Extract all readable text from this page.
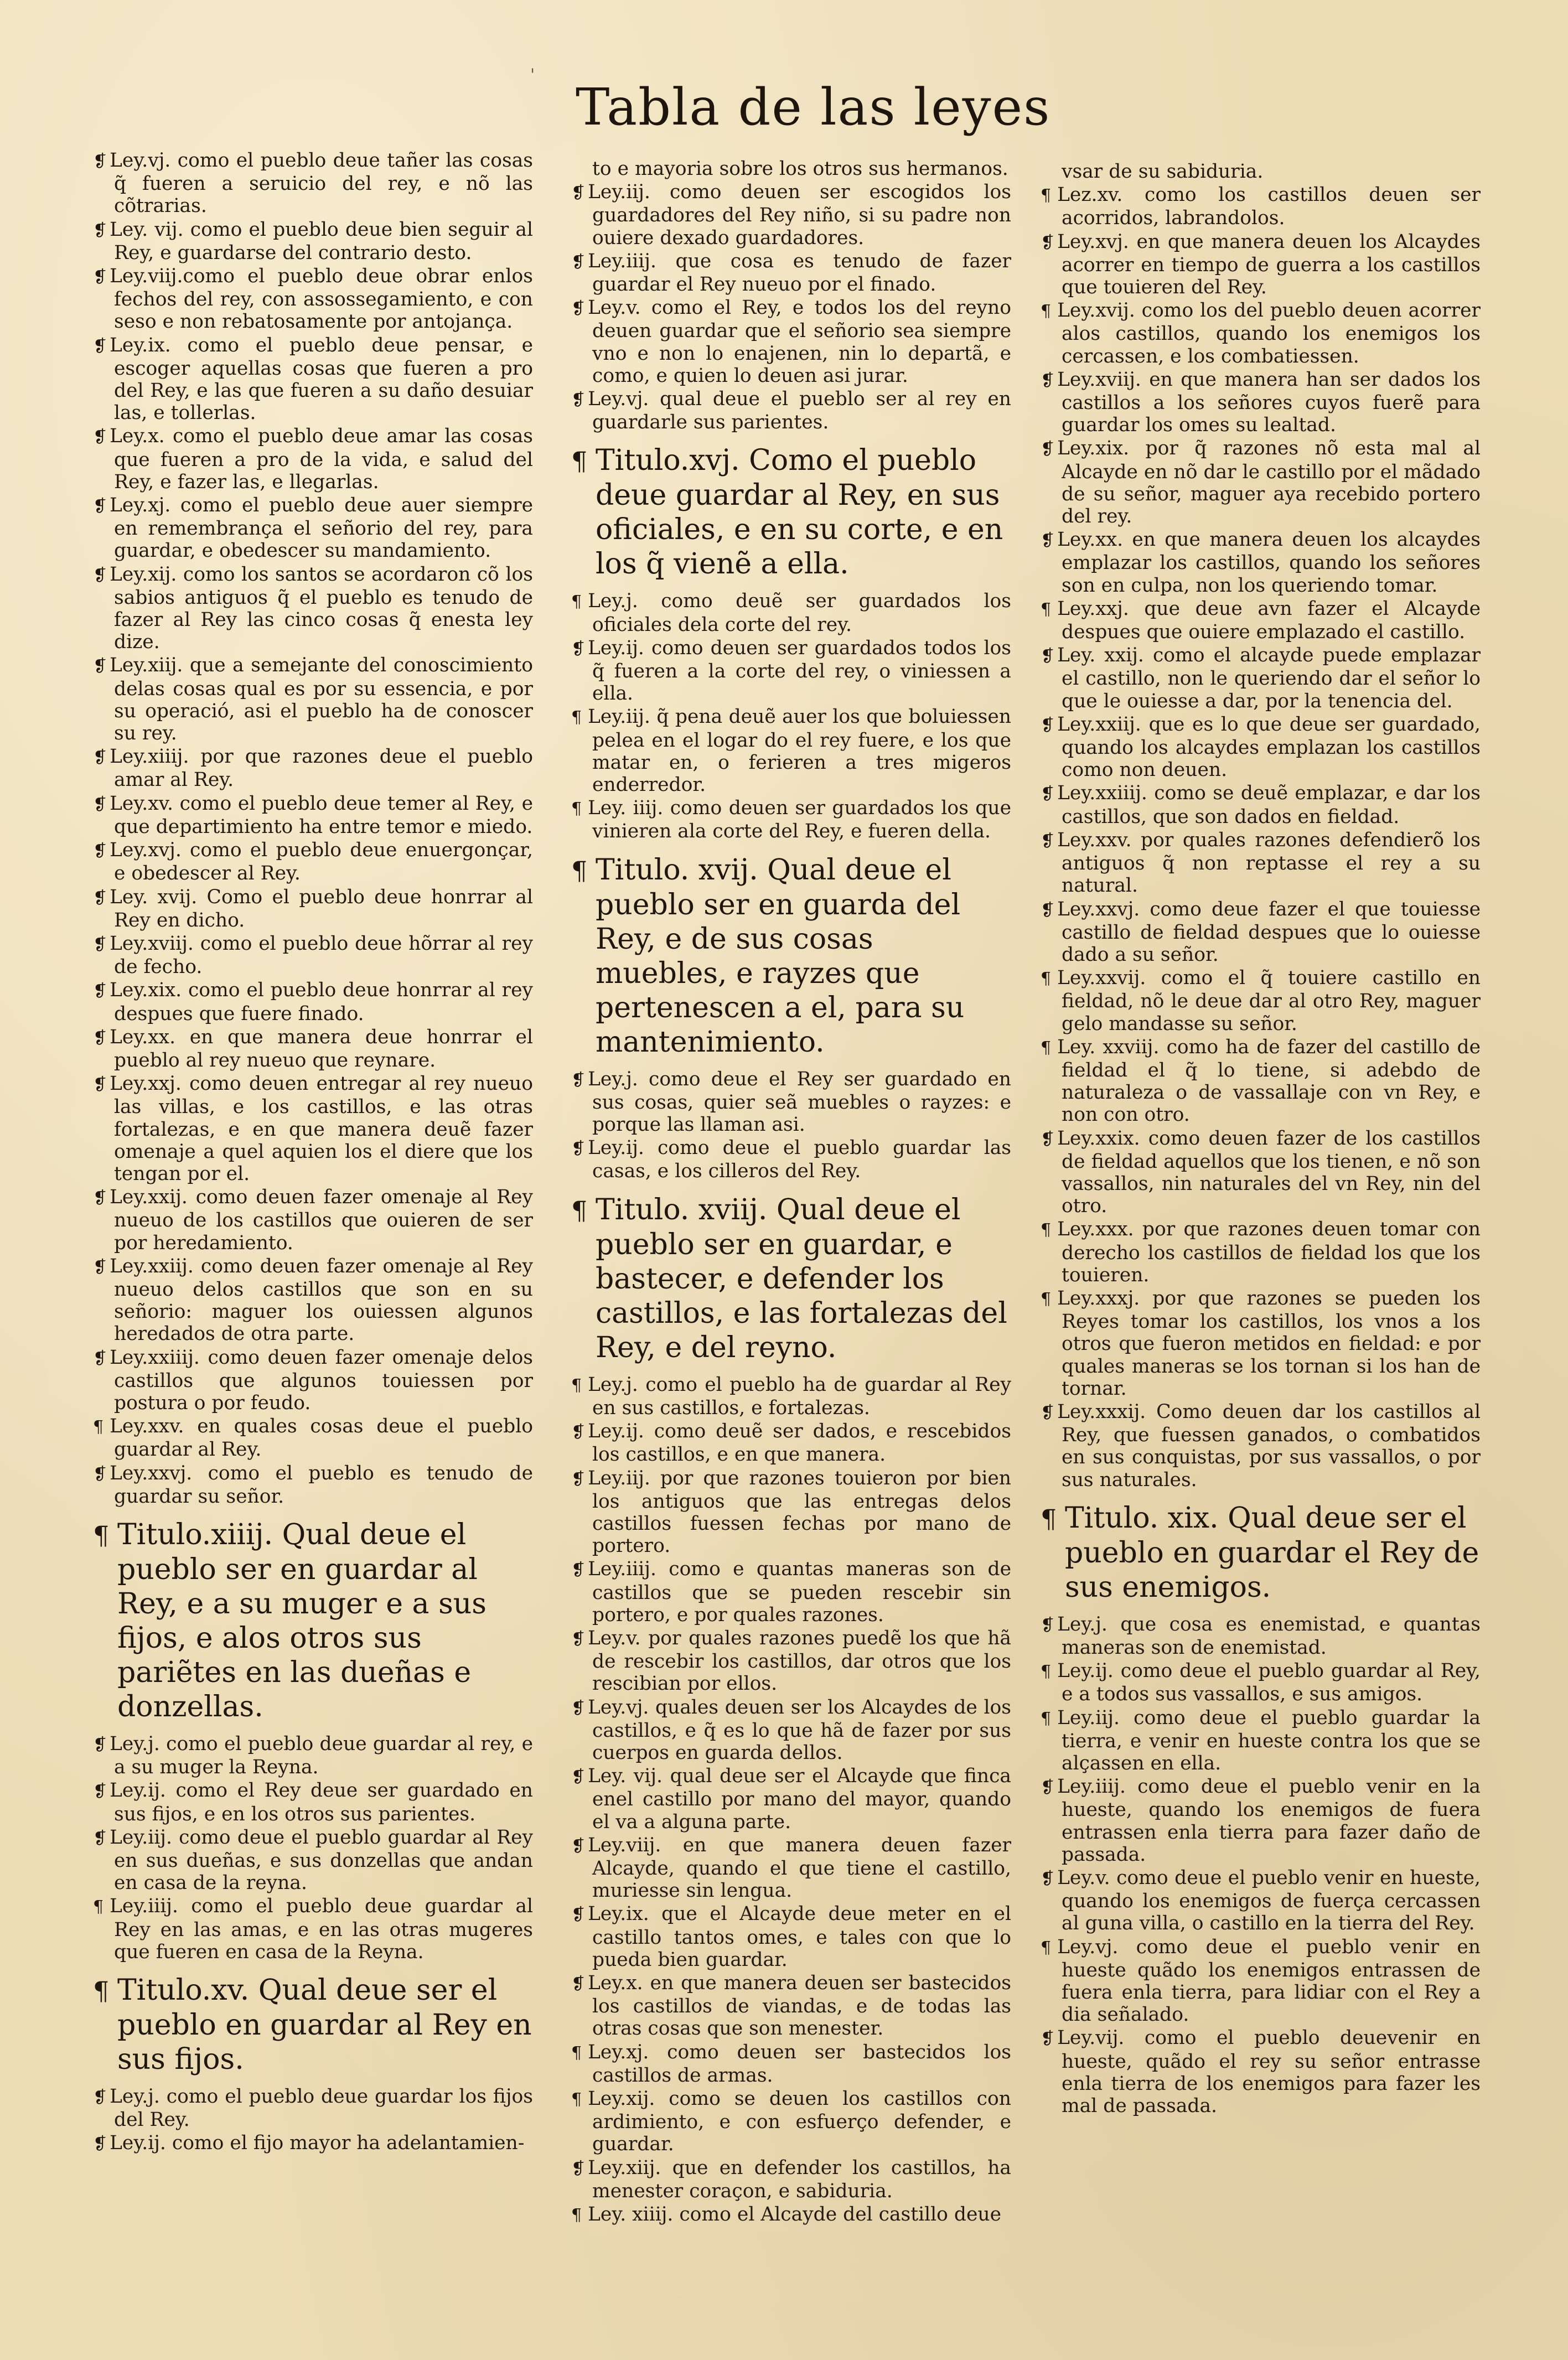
'
Tabla de las leyes

❡ Ley.vj. como el pueblo deue tañer las cosas q̃ fueren a seruicio del rey, e nõ las cõtrarias.

❡ Ley. vij. como el pueblo deue bien seguir al Rey, e guardarse del contrario desto.

❡ Ley.viij.como el pueblo deue obrar enlos fechos del rey, con assossegamiento, e con seso e non rebatosamente por antojança.

❡ Ley.ix. como el pueblo deue pensar, e escoger aquellas cosas que fueren a pro del Rey, e las que fueren a su daño desuiar las, e tollerlas.

❡ Ley.x. como el pueblo deue amar las cosas que fueren a pro de la vida, e salud del Rey, e fazer las, e llegarlas.

❡ Ley.xj. como el pueblo deue auer siempre en remembrança el señorio del rey, para guardar, e obedescer su mandamiento.

❡ Ley.xij. como los santos se acordaron cõ los sabios antiguos q̃ el pueblo es tenudo de fazer al Rey las cinco cosas q̃ enesta ley dize.

❡ Ley.xiij. que a semejante del conoscimiento delas cosas qual es por su essencia, e por su operació, asi el pueblo ha de conoscer su rey.

❡ Ley.xiiij. por que razones deue el pueblo amar al Rey.

❡ Ley.xv. como el pueblo deue temer al Rey, e que departimiento ha entre temor e miedo.

❡ Ley.xvj. como el pueblo deue enuergonçar, e obedescer al Rey.

❡ Ley. xvij. Como el pueblo deue honrrar al Rey en dicho.

❡ Ley.xviij. como el pueblo deue hõrrar al rey de fecho.

❡ Ley.xix. como el pueblo deue honrrar al rey despues que fuere finado.

❡ Ley.xx. en que manera deue honrrar el pueblo al rey nueuo que reynare.

❡ Ley.xxj. como deuen entregar al rey nueuo las villas, e los castillos, e las otras fortalezas, e en que manera deuẽ fazer omenaje a quel aquien los el diere que los tengan por el.

❡ Ley.xxij. como deuen fazer omenaje al Rey nueuo de los castillos que ouieren de ser por heredamiento.

❡ Ley.xxiij. como deuen fazer omenaje al Rey nueuo delos castillos que son en su señorio: maguer los ouiessen algunos heredados de otra parte.

❡ Ley.xxiiij. como deuen fazer omenaje delos castillos que algunos touiessen por postura o por feudo.

¶ Ley.xxv. en quales cosas deue el pueblo guardar al Rey.

❡ Ley.xxvj. como el pueblo es tenudo de guardar su señor.

¶ Titulo.xiiij. Qual deue el pueblo ser en guardar al Rey, e a su muger e a sus fijos, e alos otros sus pariẽtes en las dueñas e donzellas.

❡ Ley.j. como el pueblo deue guardar al rey, e a su muger la Reyna.

❡ Ley.ij. como el Rey deue ser guardado en sus fijos, e en los otros sus parientes.

❡ Ley.iij. como deue el pueblo guardar al Rey en sus dueñas, e sus donzellas que andan en casa de la reyna.

¶ Ley.iiij. como el pueblo deue guardar al Rey en las amas, e en las otras mugeres que fueren en casa de la Reyna.

¶ Titulo.xv. Qual deue ser el pueblo en guardar al Rey en sus fijos.

❡ Ley.j. como el pueblo deue guardar los fijos del Rey.

❡ Ley.ij. como el fijo mayor ha adelantamien-

to e mayoria sobre los otros sus hermanos.

❡ Ley.iij. como deuen ser escogidos los guardadores del Rey niño, si su padre non ouiere dexado guardadores.

❡ Ley.iiij. que cosa es tenudo de fazer guardar el Rey nueuo por el finado.

❡ Ley.v. como el Rey, e todos los del reyno deuen guardar que el señorio sea siempre vno e non lo enajenen, nin lo departã, e como, e quien lo deuen asi jurar.

❡ Ley.vj. qual deue el pueblo ser al rey en guardarle sus parientes.

¶ Titulo.xvj. Como el pueblo deue guardar al Rey, en sus oficiales, e en su corte, e en los q̃ vienẽ a ella.

¶ Ley.j. como deuẽ ser guardados los oficiales dela corte del rey.

❡ Ley.ij. como deuen ser guardados todos los q̃ fueren a la corte del rey, o viniessen a ella.

¶ Ley.iij. q̃ pena deuẽ auer los que boluiessen pelea en el logar do el rey fuere, e los que matar en, o ferieren a tres migeros enderredor.

¶ Ley. iiij. como deuen ser guardados los que vinieren ala corte del Rey, e fueren della.

¶ Titulo. xvij. Qual deue el pueblo ser en guarda del Rey, e de sus cosas muebles, e rayzes que pertenescen a el, para su mantenimiento.

❡ Ley.j. como deue el Rey ser guardado en sus cosas, quier seã muebles o rayzes: e porque las llaman asi.

❡ Ley.ij. como deue el pueblo guardar las casas, e los cilleros del Rey.

¶ Titulo. xviij. Qual deue el pueblo ser en guardar, e bastecer, e defender los castillos, e las fortalezas del Rey, e del reyno.

¶ Ley.j. como el pueblo ha de guardar al Rey en sus castillos, e fortalezas.

❡ Ley.ij. como deuẽ ser dados, e rescebidos los castillos, e en que manera.

❡ Ley.iij. por que razones touieron por bien los antiguos que las entregas delos castillos fuessen fechas por mano de portero.

❡ Ley.iiij. como e quantas maneras son de castillos que se pueden rescebir sin portero, e por quales razones.

❡ Ley.v. por quales razones puedẽ los que hã de rescebir los castillos, dar otros que los rescibian por ellos.

❡ Ley.vj. quales deuen ser los Alcaydes de los castillos, e q̃ es lo que hã de fazer por sus cuerpos en guarda dellos.

❡ Ley. vij. qual deue ser el Alcayde que finca enel castillo por mano del mayor, quando el va a alguna parte.

❡ Ley.viij. en que manera deuen fazer Alcayde, quando el que tiene el castillo, muriesse sin lengua.

❡ Ley.ix. que el Alcayde deue meter en el castillo tantos omes, e tales con que lo pueda bien guardar.

❡ Ley.x. en que manera deuen ser bastecidos los castillos de viandas, e de todas las otras cosas que son menester.

¶ Ley.xj. como deuen ser bastecidos los castillos de armas.

¶ Ley.xij. como se deuen los castillos con ardimiento, e con esfuerço defender, e guardar.

❡ Ley.xiij. que en defender los castillos, ha menester coraçon, e sabiduria.

¶ Ley. xiiij. como el Alcayde del castillo deue

vsar de su sabiduria.

¶ Lez.xv. como los castillos deuen ser acorridos, labrandolos.

❡ Ley.xvj. en que manera deuen los Alcaydes acorrer en tiempo de guerra a los castillos que touieren del Rey.

¶ Ley.xvij. como los del pueblo deuen acorrer alos castillos, quando los enemigos los cercassen, e los combatiessen.

❡ Ley.xviij. en que manera han ser dados los castillos a los señores cuyos fuerẽ para guardar los omes su lealtad.

❡ Ley.xix. por q̃ razones nõ esta mal al Alcayde en nõ dar le castillo por el mãdado de su señor, maguer aya recebido portero del rey.

❡ Ley.xx. en que manera deuen los alcaydes emplazar los castillos, quando los señores son en culpa, non los queriendo tomar.

¶ Ley.xxj. que deue avn fazer el Alcayde despues que ouiere emplazado el castillo.

❡ Ley. xxij. como el alcayde puede emplazar el castillo, non le queriendo dar el señor lo que le ouiesse a dar, por la tenencia del.

❡ Ley.xxiij. que es lo que deue ser guardado, quando los alcaydes emplazan los castillos como non deuen.

❡ Ley.xxiiij. como se deuẽ emplazar, e dar los castillos, que son dados en fieldad.

❡ Ley.xxv. por quales razones defendierõ los antiguos q̃ non reptasse el rey a su natural.

❡ Ley.xxvj. como deue fazer el que touiesse castillo de fieldad despues que lo ouiesse dado a su señor.

¶ Ley.xxvij. como el q̃ touiere castillo en fieldad, nõ le deue dar al otro Rey, maguer gelo mandasse su señor.

¶ Ley. xxviij. como ha de fazer del castillo de fieldad el q̃ lo tiene, si adebdo de naturaleza o de vassallaje con vn Rey, e non con otro.

❡ Ley.xxix. como deuen fazer de los castillos de fieldad aquellos que los tienen, e nõ son vassallos, nin naturales del vn Rey, nin del otro.

¶ Ley.xxx. por que razones deuen tomar con derecho los castillos de fieldad los que los touieren.

¶ Ley.xxxj. por que razones se pueden los Reyes tomar los castillos, los vnos a los otros que fueron metidos en fieldad: e por quales maneras se los tornan si los han de tornar.

❡ Ley.xxxij. Como deuen dar los castillos al Rey, que fuessen ganados, o combatidos en sus conquistas, por sus vassallos, o por sus naturales.

¶ Titulo. xix. Qual deue ser el pueblo en guardar el Rey de sus enemigos.

❡ Ley.j. que cosa es enemistad, e quantas maneras son de enemistad.

¶ Ley.ij. como deue el pueblo guardar al Rey, e a todos sus vassallos, e sus amigos.

¶ Ley.iij. como deue el pueblo guardar la tierra, e venir en hueste contra los que se alçassen en ella.

❡ Ley.iiij. como deue el pueblo venir en la hueste, quando los enemigos de fuera entrassen enla tierra para fazer daño de passada.

❡ Ley.v. como deue el pueblo venir en hueste, quando los enemigos de fuerça cercassen al guna villa, o castillo en la tierra del Rey.

¶ Ley.vj. como deue el pueblo venir en hueste quãdo los enemigos entrassen de fuera enla tierra, para lidiar con el Rey a dia señalado.

❡ Ley.vij. como el pueblo deuevenir en hueste, quãdo el rey su señor entrasse enla tierra de los enemigos para fazer les mal de passada.
